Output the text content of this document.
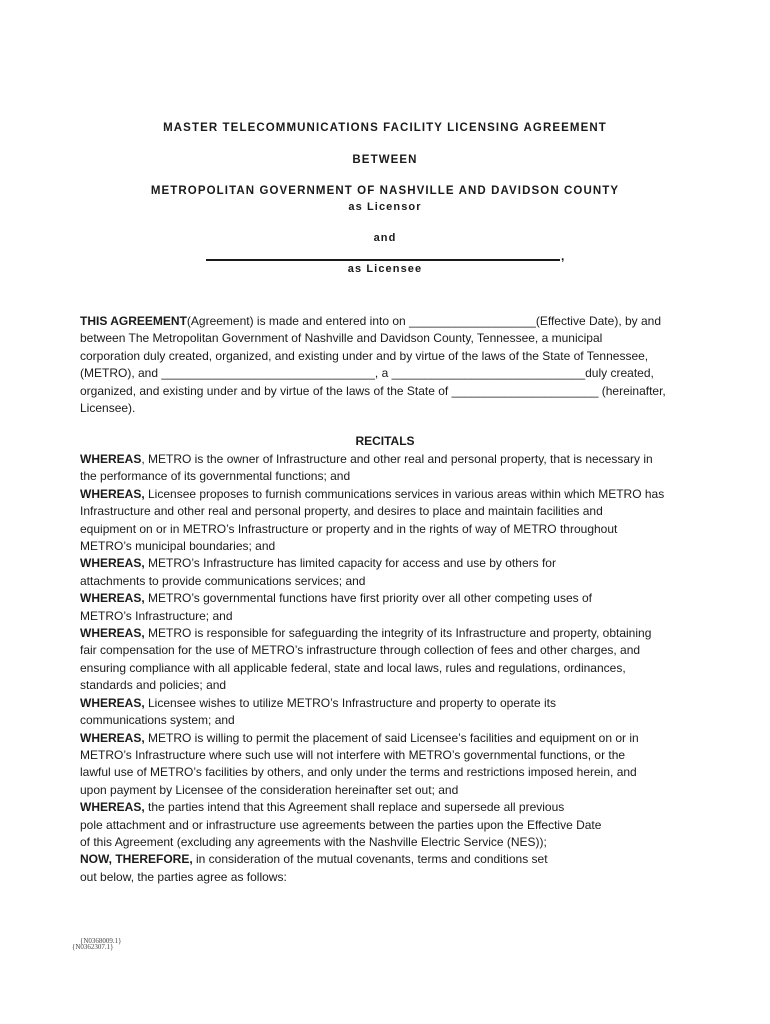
MASTER TELECOMMUNICATIONS FACILITY LICENSING AGREEMENT
BETWEEN
METROPOLITAN GOVERNMENT OF NASHVILLE AND DAVIDSON COUNTY
as Licensor
and
,
as Licensee
THIS AGREEMENT(Agreement) is made and entered into on ___________________(Effective Date), by and
between The Metropolitan Government of Nashville and Davidson County, Tennessee, a municipal
corporation duly created, organized, and existing under and by virtue of the laws of the State of Tennessee,
(METRO), and ________________________________, a _____________________________duly created,
organized, and existing under and by virtue of the laws of the State of ______________________ (hereinafter,
Licensee).
RECITALS
WHEREAS, METRO is the owner of Infrastructure and other real and personal property, that is necessary in
the performance of its governmental functions; and
WHEREAS, Licensee proposes to furnish communications services in various areas within which METRO has
Infrastructure and other real and personal property, and desires to place and maintain facilities and
equipment on or in METRO’s Infrastructure or property and in the rights of way of METRO throughout
METRO’s municipal boundaries; and
WHEREAS, METRO’s Infrastructure has limited capacity for access and use by others for
attachments to provide communications services; and
WHEREAS, METRO’s governmental functions have first priority over all other competing uses of
METRO’s Infrastructure; and
WHEREAS, METRO is responsible for safeguarding the integrity of its Infrastructure and property, obtaining
fair compensation for the use of METRO’s infrastructure through collection of fees and other charges, and
ensuring compliance with all applicable federal, state and local laws, rules and regulations, ordinances,
standards and policies; and
WHEREAS, Licensee wishes to utilize METRO’s Infrastructure and property to operate its
communications system; and
WHEREAS, METRO is willing to permit the placement of said Licensee’s facilities and equipment on or in
METRO’s Infrastructure where such use will not interfere with METRO’s governmental functions, or the
lawful use of METRO’s facilities by others, and only under the terms and restrictions imposed herein, and
upon payment by Licensee of the consideration hereinafter set out; and
WHEREAS, the parties intend that this Agreement shall replace and supersede all previous
pole attachment and or infrastructure use agreements between the parties upon the Effective Date
of this Agreement (excluding any agreements with the Nashville Electric Service (NES));
NOW, THEREFORE, in consideration of the mutual covenants, terms and conditions set
out below, the parties agree as follows:
{N0368009.1}
{N0362307.1}
